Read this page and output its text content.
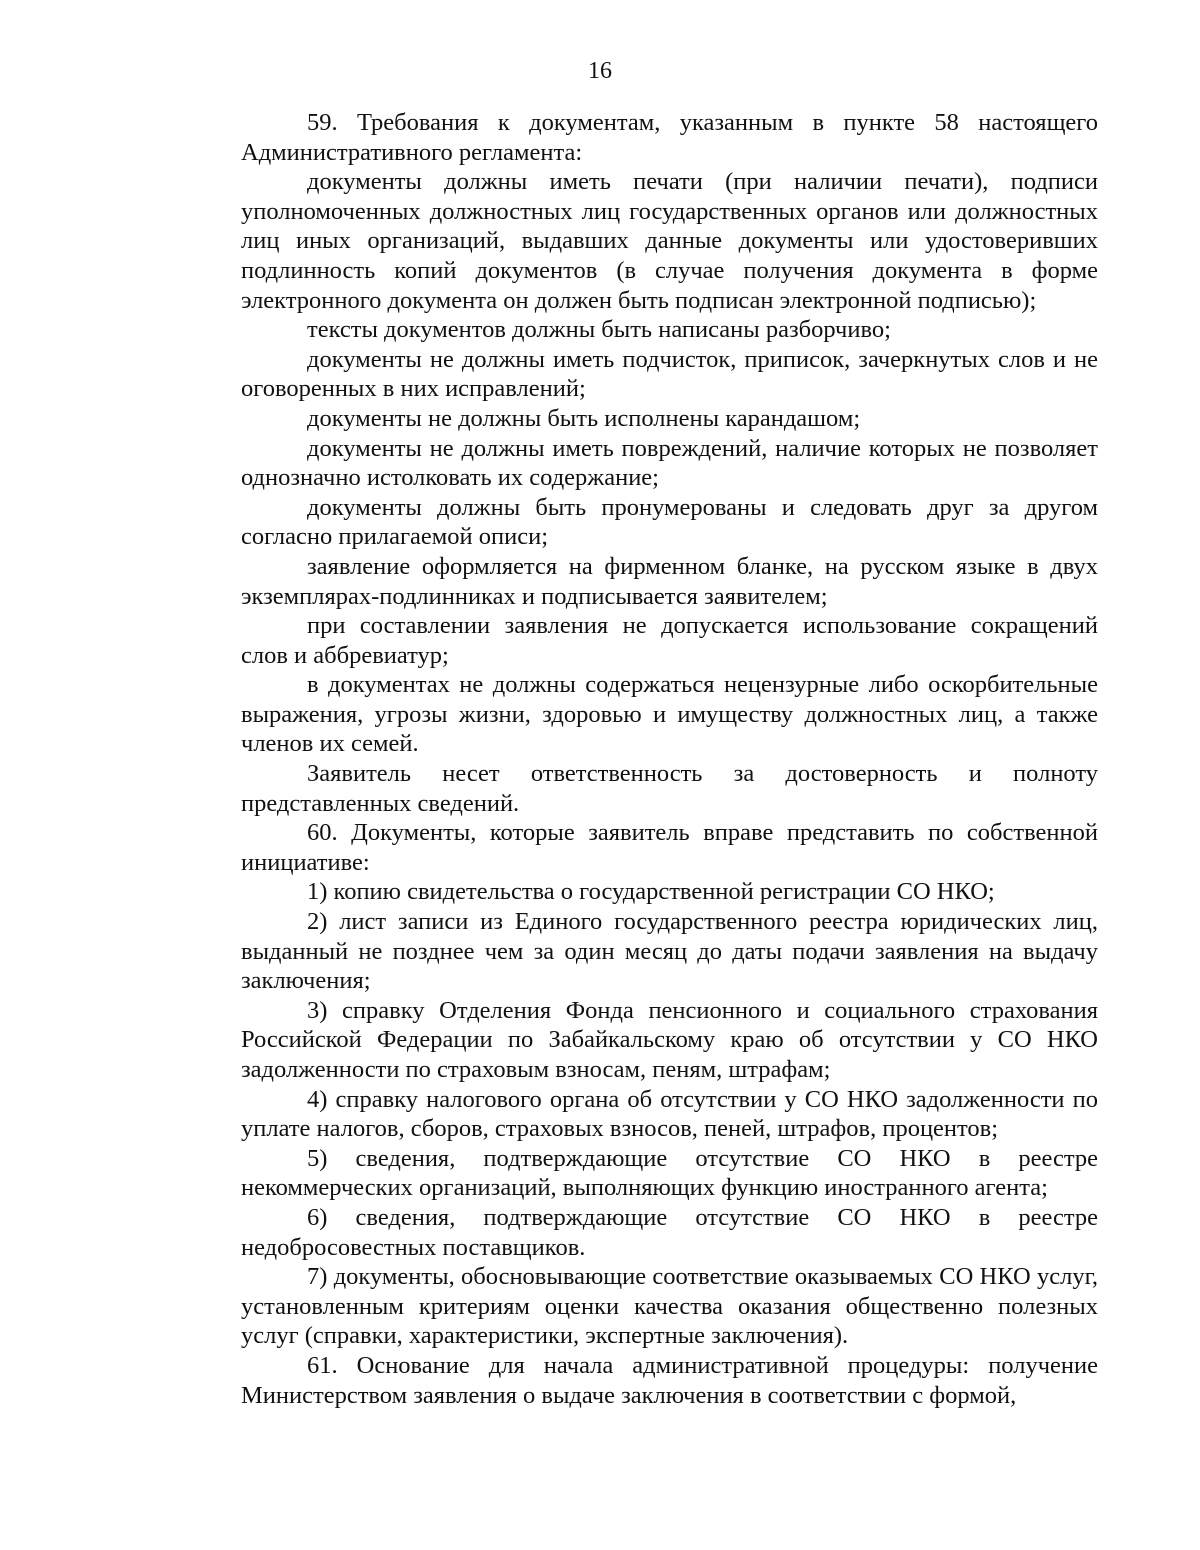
16

59. Требования к документам, указанным в пункте 58 настоящего Административного регламента:

документы должны иметь печати (при наличии печати), подписи уполномоченных должностных лиц государственных органов или должностных лиц иных организаций, выдавших данные документы или удостоверивших подлинность копий документов (в случае получения документа в форме электронного документа он должен быть подписан электронной подписью);

тексты документов должны быть написаны разборчиво;

документы не должны иметь подчисток, приписок, зачеркнутых слов и не оговоренных в них исправлений;

документы не должны быть исполнены карандашом;

документы не должны иметь повреждений, наличие которых не позволяет однозначно истолковать их содержание;

документы должны быть пронумерованы и следовать друг за другом согласно прилагаемой описи;

заявление оформляется на фирменном бланке, на русском языке в двух экземплярах-подлинниках и подписывается заявителем;

при составлении заявления не допускается использование сокращений слов и аббревиатур;

в документах не должны содержаться нецензурные либо оскорбительные выражения, угрозы жизни, здоровью и имуществу должностных лиц, а также членов их семей.

Заявитель несет ответственность за достоверность и полноту представленных сведений.

60. Документы, которые заявитель вправе представить по собственной инициативе:

1) копию свидетельства о государственной регистрации СО НКО;

2) лист записи из Единого государственного реестра юридических лиц, выданный не позднее чем за один месяц до даты подачи заявления на выдачу заключения;

3) справку Отделения Фонда пенсионного и социального страхования Российской Федерации по Забайкальскому краю об отсутствии у СО НКО задолженности по страховым взносам, пеням, штрафам;

4) справку налогового органа об отсутствии у СО НКО задолженности по уплате налогов, сборов, страховых взносов, пеней, штрафов, процентов;

5) сведения, подтверждающие отсутствие СО НКО в реестре некоммерческих организаций, выполняющих функцию иностранного агента;

6) сведения, подтверждающие отсутствие СО НКО в реестре недобросовестных поставщиков.

7) документы, обосновывающие соответствие оказываемых СО НКО услуг, установленным критериям оценки качества оказания общественно полезных услуг (справки, характеристики, экспертные заключения).

61. Основание для начала административной процедуры: получение Министерством заявления о выдаче заключения в соответствии с формой,
